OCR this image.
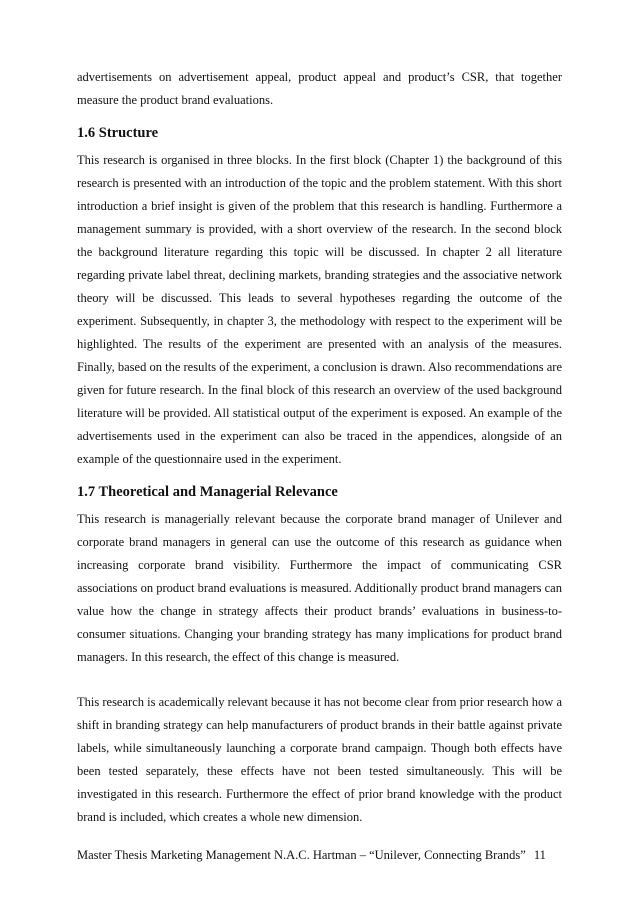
advertisements on advertisement appeal, product appeal and product’s CSR, that together measure the product brand evaluations.

1.6 Structure

This research is organised in three blocks. In the first block (Chapter 1) the background of this research is presented with an introduction of the topic and the problem statement. With this short introduction a brief insight is given of the problem that this research is handling. Furthermore a management summary is provided, with a short overview of the research. In the second block the background literature regarding this topic will be discussed. In chapter 2 all literature regarding private label threat, declining markets, branding strategies and the associative network theory will be discussed. This leads to several hypotheses regarding the outcome of the experiment. Subsequently, in chapter 3, the methodology with respect to the experiment will be highlighted. The results of the experiment are presented with an analysis of the measures. Finally, based on the results of the experiment, a conclusion is drawn. Also recommendations are given for future research. In the final block of this research an overview of the used background literature will be provided. All statistical output of the experiment is exposed. An example of the advertisements used in the experiment can also be traced in the appendices, alongside of an example of the questionnaire used in the experiment.

1.7 Theoretical and Managerial Relevance

This research is managerially relevant because the corporate brand manager of Unilever and corporate brand managers in general can use the outcome of this research as guidance when increasing corporate brand visibility. Furthermore the impact of communicating CSR associations on product brand evaluations is measured. Additionally product brand managers can value how the change in strategy affects their product brands’ evaluations in business-to-consumer situations. Changing your branding strategy has many implications for product brand managers. In this research, the effect of this change is measured.

This research is academically relevant because it has not become clear from prior research how a shift in branding strategy can help manufacturers of product brands in their battle against private labels, while simultaneously launching a corporate brand campaign. Though both effects have been tested separately, these effects have not been tested simultaneously. This will be investigated in this research. Furthermore the effect of prior brand knowledge with the product brand is included, which creates a whole new dimension.

Master Thesis Marketing Management N.A.C. Hartman – “Unilever, Connecting Brands” 11
